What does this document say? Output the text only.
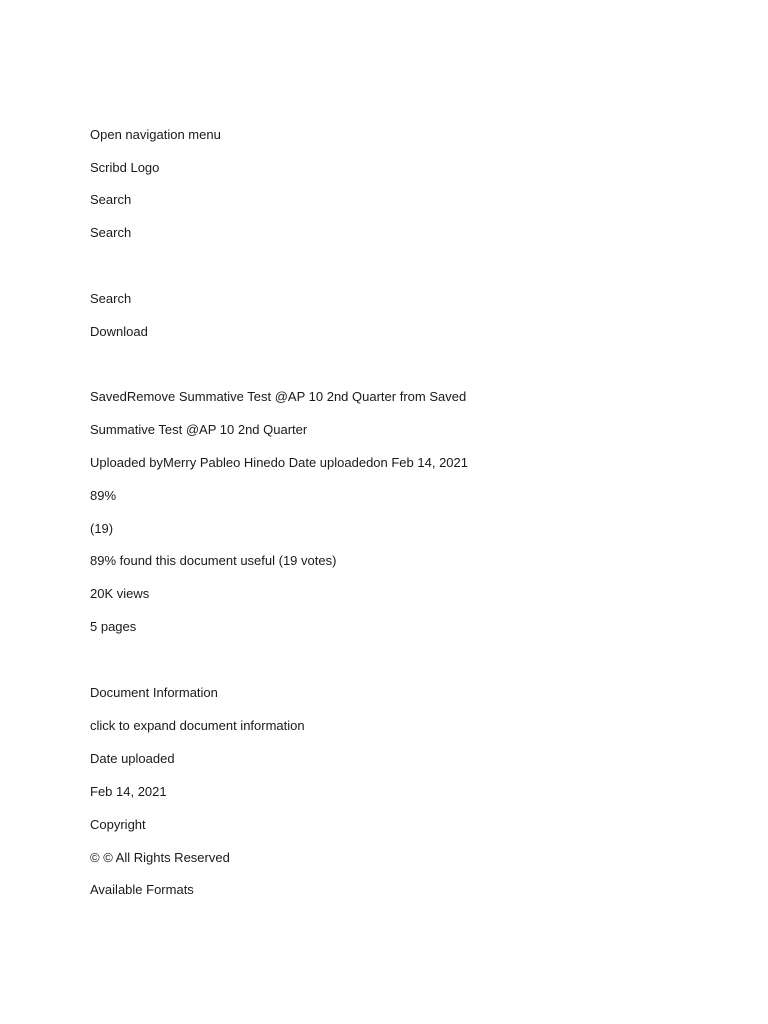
Open navigation menu
Scribd Logo
Search
Search
Search
Download
SavedRemove Summative Test @AP 10 2nd Quarter from Saved
Summative Test @AP 10 2nd Quarter
Uploaded byMerry Pableo Hinedo Date uploadedon Feb 14, 2021
89%
(19)
89% found this document useful (19 votes)
20K views
5 pages
Document Information
click to expand document information
Date uploaded
Feb 14, 2021
Copyright
© © All Rights Reserved
Available Formats
